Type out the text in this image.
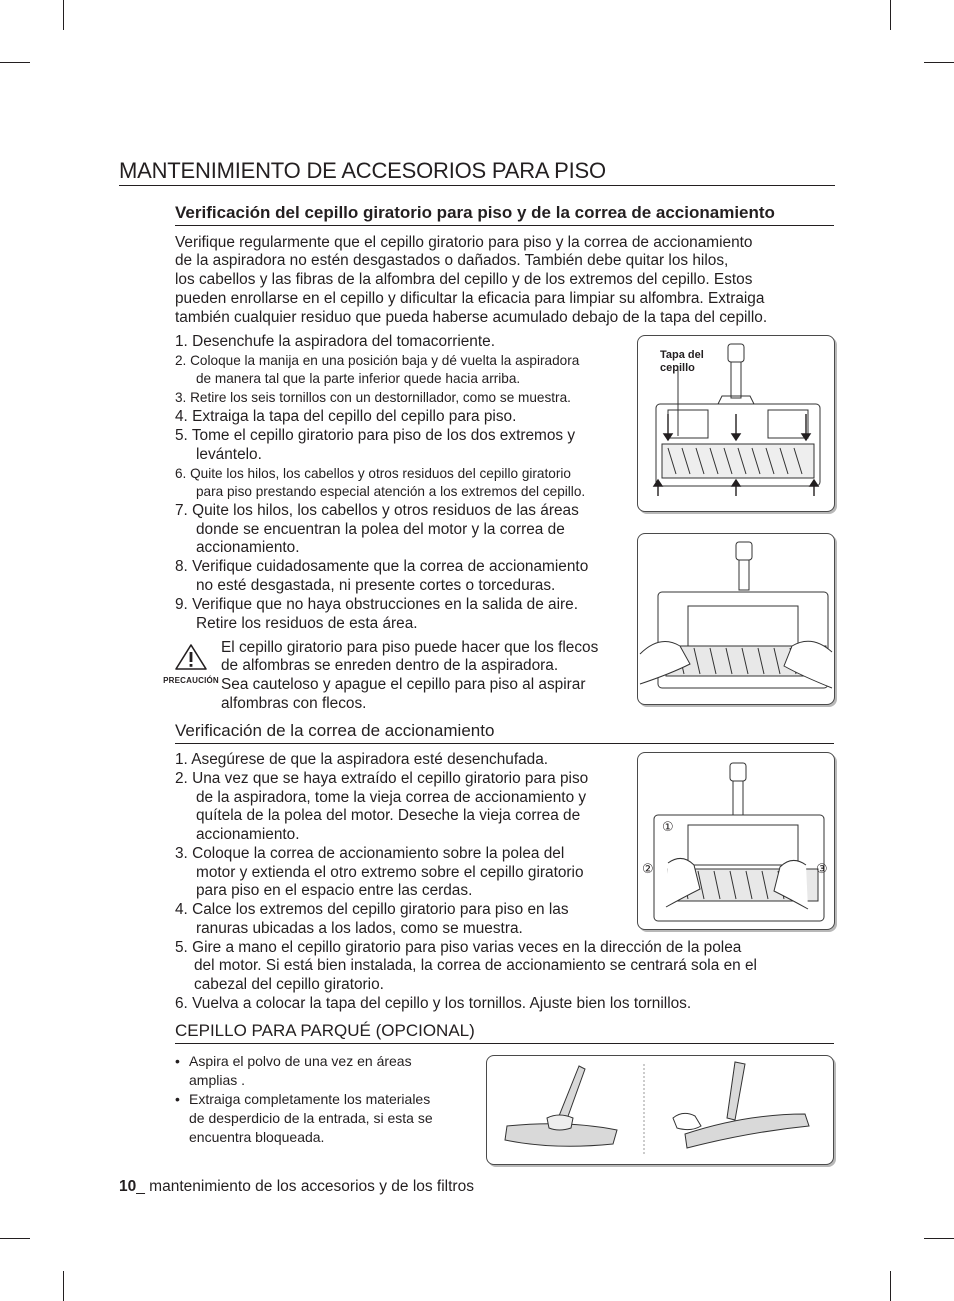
MANTENIMIENTO DE ACCESORIOS PARA PISO
Verificación del cepillo giratorio para piso y de la correa de accionamiento
Verifique regularmente que el cepillo giratorio para piso y la correa de accionamiento
de la aspiradora no estén desgastados o dañados. También debe quitar los hilos,
los cabellos y las fibras de la alfombra del cepillo y de los extremos del cepillo. Estos
pueden enrollarse en el cepillo y dificultar la eficacia para limpiar su alfombra. Extraiga
también cualquier residuo que pueda haberse acumulado debajo de la tapa del cepillo.
1. Desenchufe la aspiradora del tomacorriente.
2. Coloque la manija en una posición baja y dé vuelta la aspiradora
de manera tal que la parte inferior quede hacia arriba.
3. Retire los seis tornillos con un destornillador, como se muestra.
4. Extraiga la tapa del cepillo del cepillo para piso.
5. Tome el cepillo giratorio para piso de los dos extremos y
levántelo.
6. Quite los hilos, los cabellos y otros residuos del cepillo giratorio
para piso prestando especial atención a los extremos del cepillo.
7. Quite los hilos, los cabellos y otros residuos de las áreas
donde se encuentran la polea del motor y la correa de
accionamiento.
8. Verifique cuidadosamente que la correa de accionamiento
no esté desgastada, ni presente cortes o torceduras.
9. Verifique que no haya obstrucciones en la salida de aire.
Retire los residuos de esta área.
PRECAUCIÓN
El cepillo giratorio para piso puede hacer que los flecos
de alfombras se enreden dentro de la aspiradora.
Sea cauteloso y apague el cepillo para piso al aspirar
alfombras con flecos.
Tapa del cepillo
Verificación de la correa de accionamiento
1. Asegúrese de que la aspiradora esté desenchufada.
2. Una vez que se haya extraído el cepillo giratorio para piso
de la aspiradora, tome la vieja correa de accionamiento y
quítela de la polea del motor. Deseche la vieja correa de
accionamiento.
3. Coloque la correa de accionamiento sobre la polea del
motor y extienda el otro extremo sobre el cepillo giratorio
para piso en el espacio entre las cerdas.
4. Calce los extremos del cepillo giratorio para piso en las
ranuras ubicadas a los lados, como se muestra.
5. Gire a mano el cepillo giratorio para piso varias veces en la dirección de la polea
del motor. Si está bien instalada, la correa de accionamiento se centrará sola en el
cabezal del cepillo giratorio.
6. Vuelva a colocar la tapa del cepillo y los tornillos. Ajuste bien los tornillos.
①
②	③
CEPILLO PARA PARQUÉ (OPCIONAL)
• Aspira el polvo de una vez en áreas
amplias .
• Extraiga completamente los materiales
de desperdicio de la entrada, si esta se
encuentra bloqueada.
10_ mantenimiento de los accesorios y de los filtros
